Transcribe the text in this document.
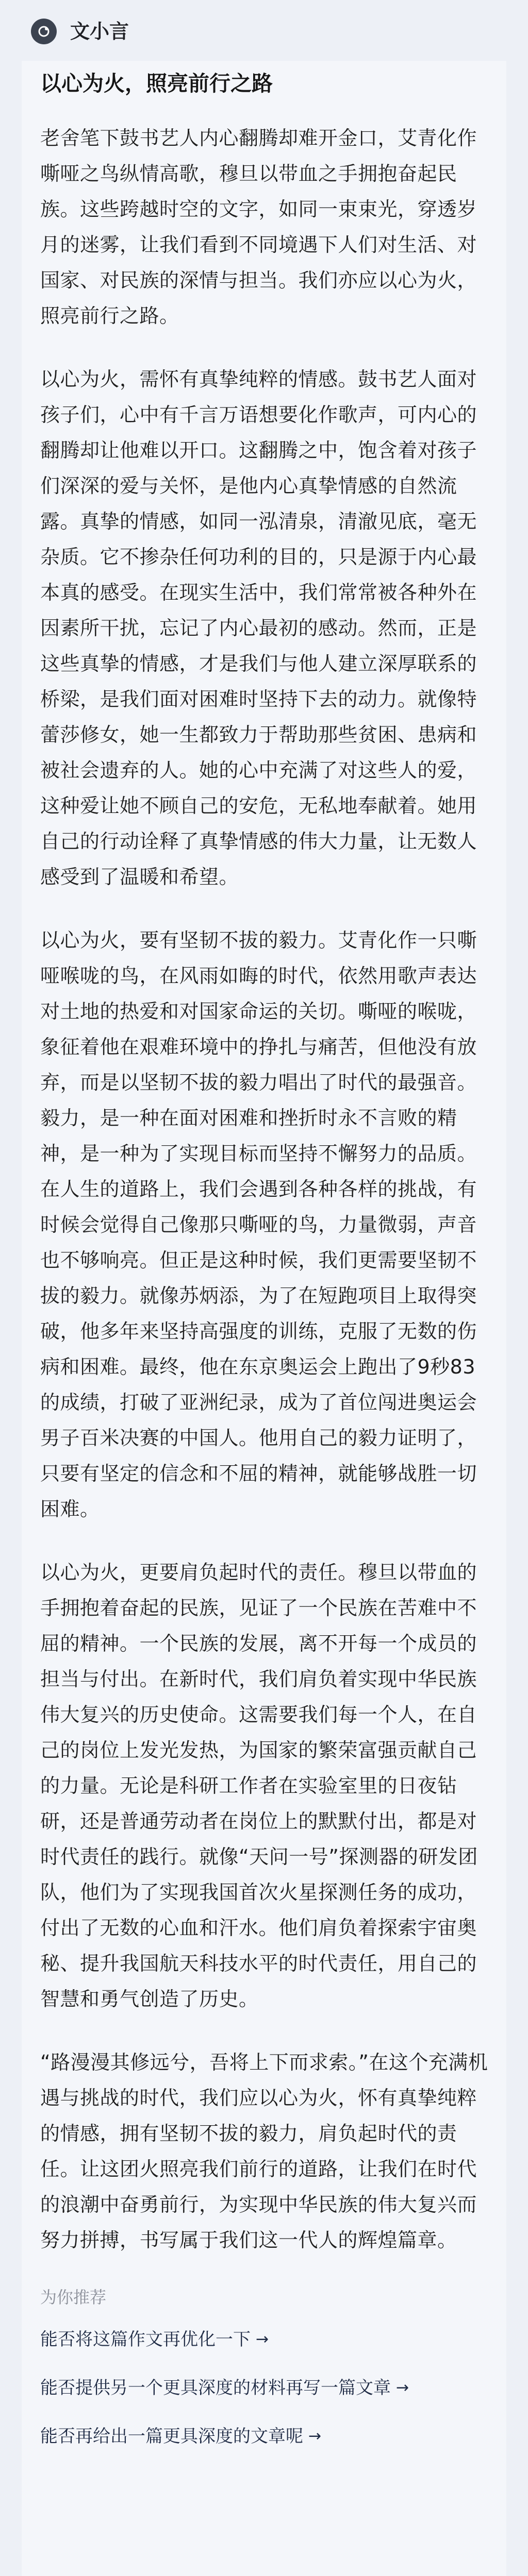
文小言
以心为火，照亮前行之路

老舍笔下鼓书艺人内心翻腾却难开金口，艾青化作嘶哑之鸟纵情高歌，穆旦以带血之手拥抱奋起民族。这些跨越时空的文字，如同一束束光，穿透岁月的迷雾，让我们看到不同境遇下人们对生活、对国家、对民族的深情与担当。我们亦应以心为火，照亮前行之路。

以心为火，需怀有真挚纯粹的情感。鼓书艺人面对孩子们，心中有千言万语想要化作歌声，可内心的翻腾却让他难以开口。这翻腾之中，饱含着对孩子们深深的爱与关怀，是他内心真挚情感的自然流露。真挚的情感，如同一泓清泉，清澈见底，毫无杂质。它不掺杂任何功利的目的，只是源于内心最本真的感受。在现实生活中，我们常常被各种外在因素所干扰，忘记了内心最初的感动。然而，正是这些真挚的情感，才是我们与他人建立深厚联系的桥梁，是我们面对困难时坚持下去的动力。就像特蕾莎修女，她一生都致力于帮助那些贫困、患病和被社会遗弃的人。她的心中充满了对这些人的爱，这种爱让她不顾自己的安危，无私地奉献着。她用自己的行动诠释了真挚情感的伟大力量，让无数人感受到了温暖和希望。

以心为火，要有坚韧不拔的毅力。艾青化作一只嘶哑喉咙的鸟，在风雨如晦的时代，依然用歌声表达对土地的热爱和对国家命运的关切。嘶哑的喉咙，象征着他在艰难环境中的挣扎与痛苦，但他没有放弃，而是以坚韧不拔的毅力唱出了时代的最强音。毅力，是一种在面对困难和挫折时永不言败的精神，是一种为了实现目标而坚持不懈努力的品质。在人生的道路上，我们会遇到各种各样的挑战，有时候会觉得自己像那只嘶哑的鸟，力量微弱，声音也不够响亮。但正是这种时候，我们更需要坚韧不拔的毅力。就像苏炳添，为了在短跑项目上取得突破，他多年来坚持高强度的训练，克服了无数的伤病和困难。最终，他在东京奥运会上跑出了9秒83的成绩，打破了亚洲纪录，成为了首位闯进奥运会男子百米决赛的中国人。他用自己的毅力证明了，只要有坚定的信念和不屈的精神，就能够战胜一切困难。

以心为火，更要肩负起时代的责任。穆旦以带血的手拥抱着奋起的民族，见证了一个民族在苦难中不屈的精神。一个民族的发展，离不开每一个成员的担当与付出。在新时代，我们肩负着实现中华民族伟大复兴的历史使命。这需要我们每一个人，在自己的岗位上发光发热，为国家的繁荣富强贡献自己的力量。无论是科研工作者在实验室里的日夜钻研，还是普通劳动者在岗位上的默默付出，都是对时代责任的践行。就像“天问一号”探测器的研发团队，他们为了实现我国首次火星探测任务的成功，付出了无数的心血和汗水。他们肩负着探索宇宙奥秘、提升我国航天科技水平的时代责任，用自己的智慧和勇气创造了历史。

“路漫漫其修远兮，吾将上下而求索。”在这个充满机遇与挑战的时代，我们应以心为火，怀有真挚纯粹的情感，拥有坚韧不拔的毅力，肩负起时代的责任。让这团火照亮我们前行的道路，让我们在时代的浪潮中奋勇前行，为实现中华民族的伟大复兴而努力拼搏，书写属于我们这一代人的辉煌篇章。

为你推荐
能否将这篇作文再优化一下 →
能否提供另一个更具深度的材料再写一篇文章 →
能否再给出一篇更具深度的文章呢 →
